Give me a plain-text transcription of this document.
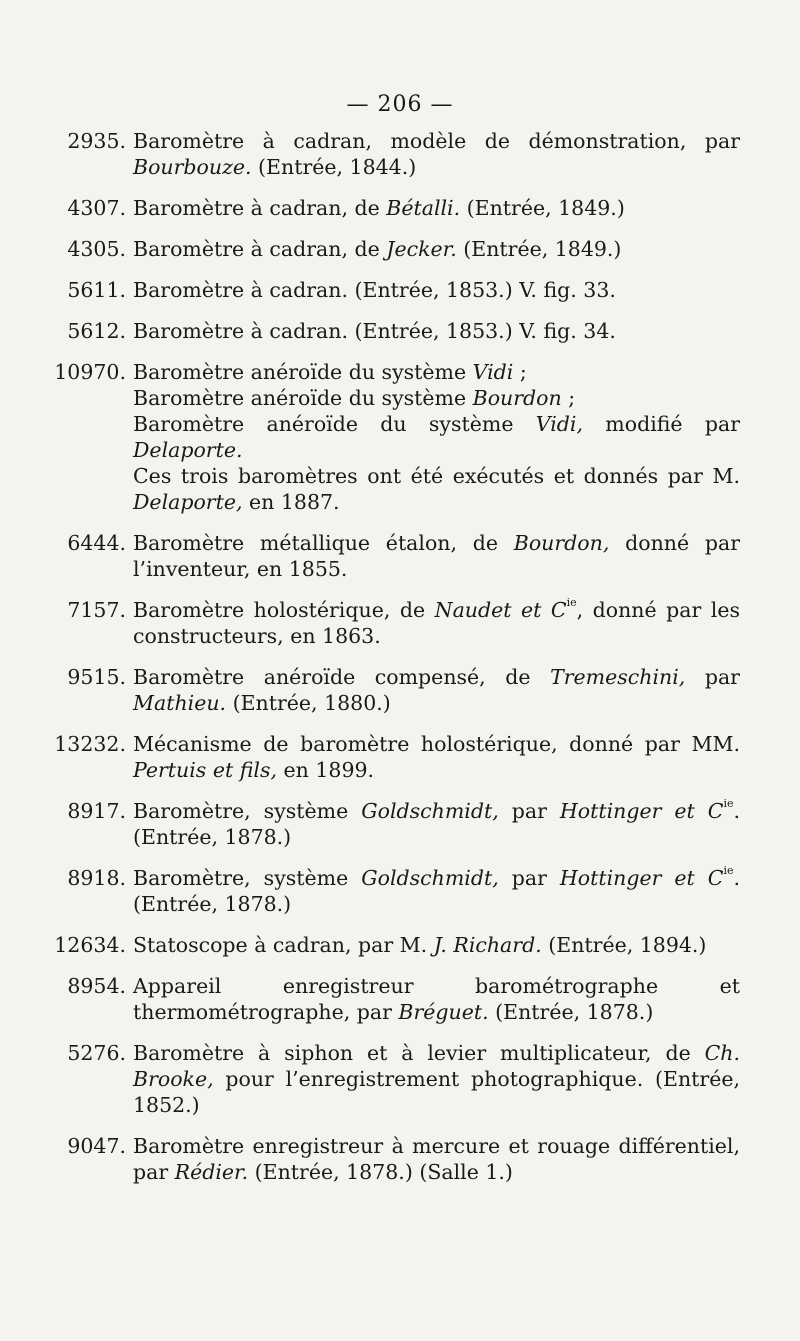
— 206 —
2935. Baromètre à cadran, modèle de démonstration, par Bourbouze. (Entrée, 1844.)
4307. Baromètre à cadran, de Bétalli. (Entrée, 1849.)
4305. Baromètre à cadran, de Jecker. (Entrée, 1849.)
5611. Baromètre à cadran. (Entrée, 1853.) V. fig. 33.
5612. Baromètre à cadran. (Entrée, 1853.) V. fig. 34.
10970. Baromètre anéroïde du système Vidi ;
Baromètre anéroïde du système Bourdon ;
Baromètre anéroïde du système Vidi, modifié par Delaporte.
Ces trois baromètres ont été exécutés et donnés par M. Delaporte, en 1887.
6444. Baromètre métallique étalon, de Bourdon, donné par l’inventeur, en 1855.
7157. Baromètre holostérique, de Naudet et $C^{ie}$, donné par les constructeurs, en 1863.
9515. Baromètre anéroïde compensé, de Tremeschini, par Mathieu. (Entrée, 1880.)
13232. Mécanisme de baromètre holostérique, donné par MM. Pertuis et fils, en 1899.
8917. Baromètre, système Goldschmidt, par Hottinger et $C^{ie}$. (Entrée, 1878.)
8918. Baromètre, système Goldschmidt, par Hottinger et $C^{ie}$. (Entrée, 1878.)
12634. Statoscope à cadran, par M. J. Richard. (Entrée, 1894.)
8954. Appareil enregistreur barométrographe et thermométrographe, par Bréguet. (Entrée, 1878.)
5276. Baromètre à siphon et à levier multiplicateur, de Ch. Brooke, pour l’enregistrement photographique. (Entrée, 1852.)
9047. Baromètre enregistreur à mercure et rouage différentiel, par Rédier. (Entrée, 1878.) (Salle 1.)
